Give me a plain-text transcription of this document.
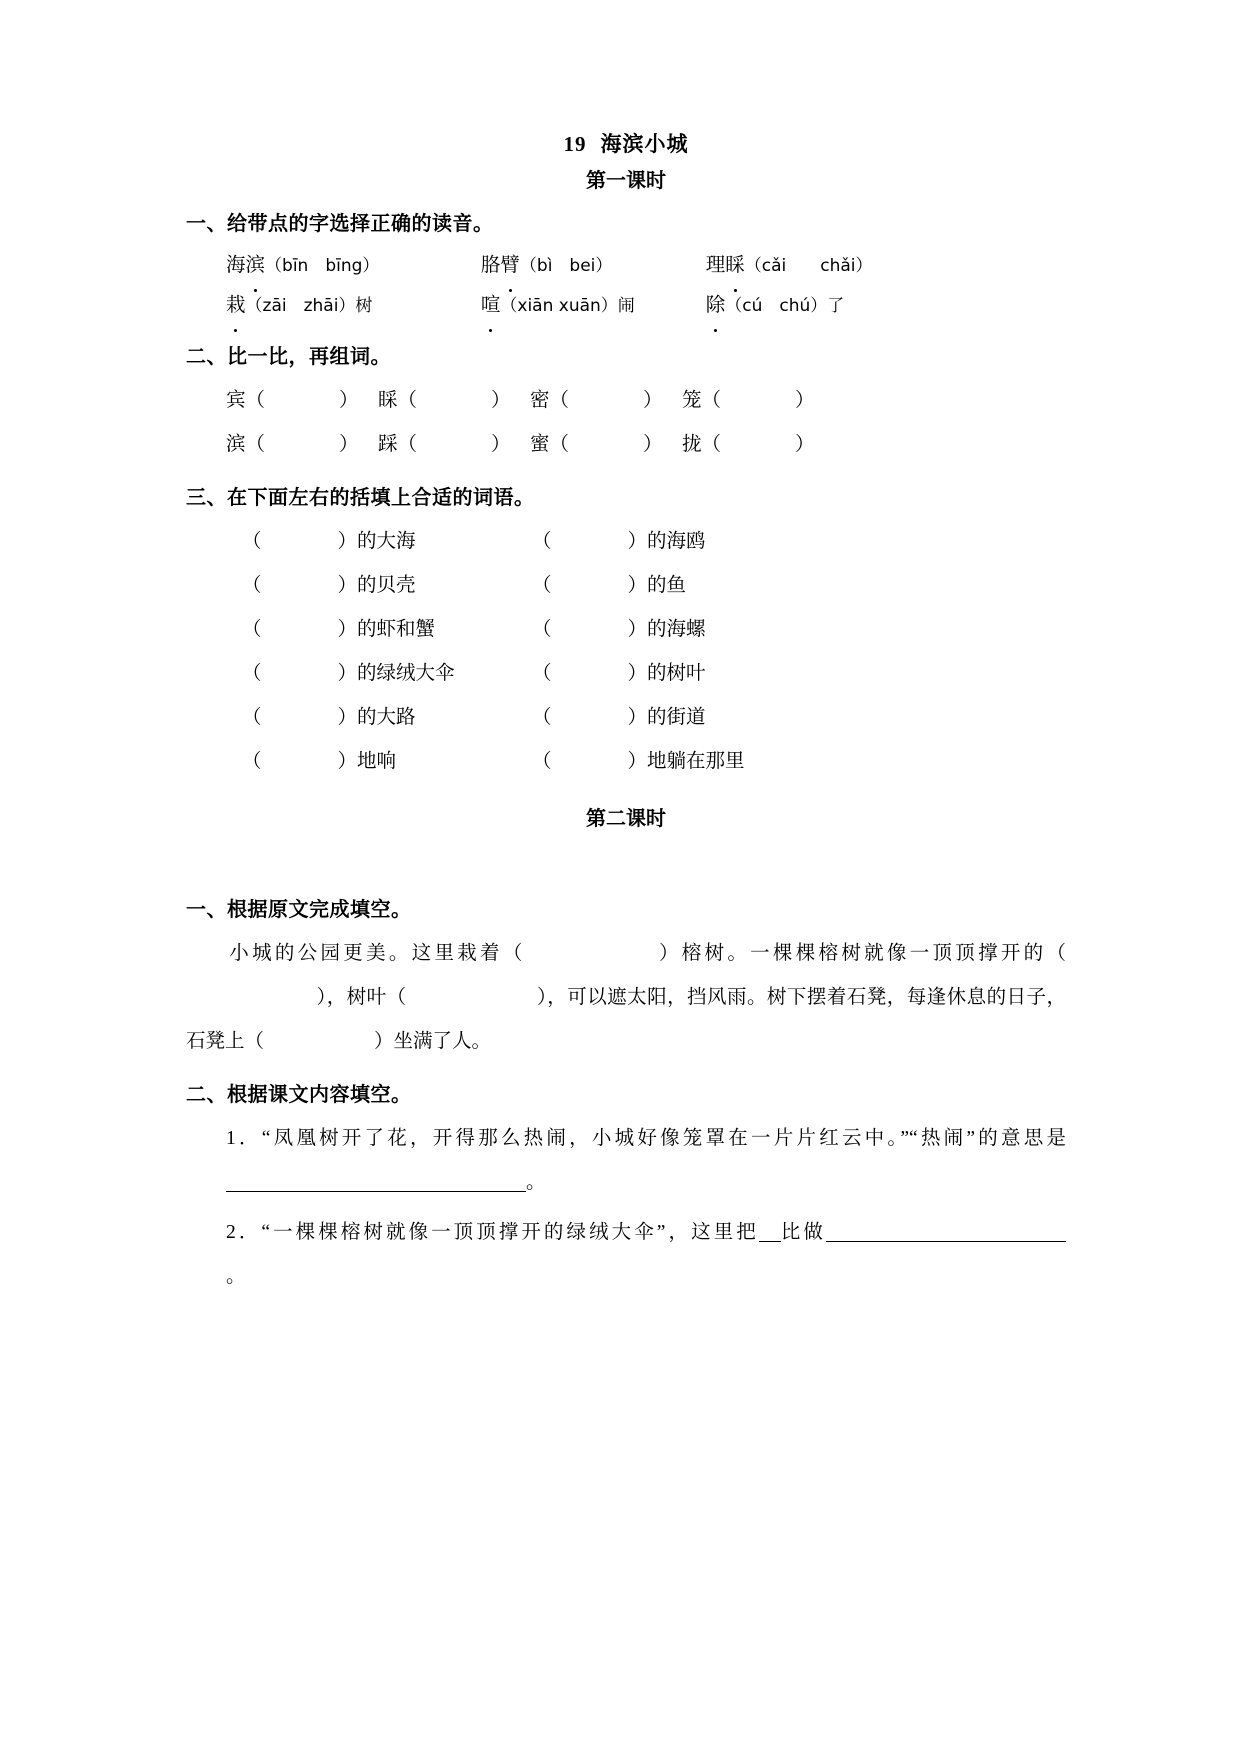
19 海滨小城
第一课时
一、给带点的字选择正确的读音。
海滨（bīn　bīng）	胳臂（bì　bei）	理睬（cǎi　　chǎi）
栽（zāi　zhāi）树	喧（xiān xuān）闹	除（cú　chú）了
二、比一比，再组词。
宾（	） 睬（	） 密（	） 笼（	）
滨（	） 踩（	） 蜜（	） 拢（	）
三、在下面左右的括填上合适的词语。
（	）的大海	（	）的海鸥
（	）的贝壳	（	）的鱼
（	）的虾和蟹	（	）的海螺
（	）的绿绒大伞	（	）的树叶
（	）的大路	（	）的街道
（	）地响	（	）地躺在那里
第二课时
一、根据原文完成填空。
小城的公园更美。这里栽着（	）榕树。一棵棵榕树就像一顶顶撑开的（），树叶（	），可以遮太阳，挡风雨。树下摆着石凳，每逢休息的日子，石凳上（	）坐满了人。
二、根据课文内容填空。
1．“凤凰树开了花，开得那么热闹，小城好像笼罩在一片片红云中。”“热闹”的意思是。
2．“一棵棵榕树就像一顶顶撑开的绿绒大伞”，这里把 比做。
